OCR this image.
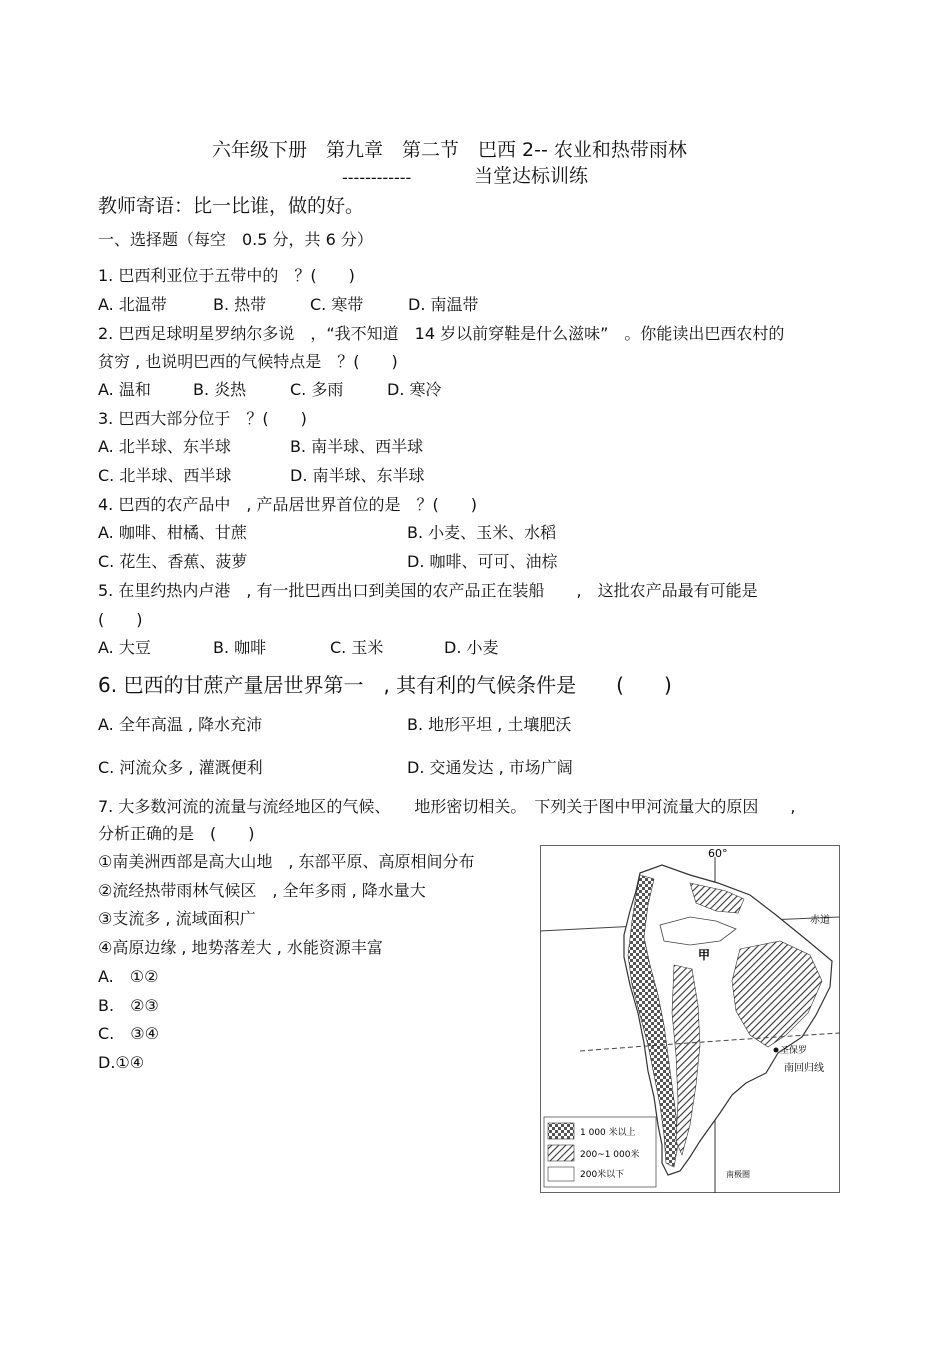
六年级下册　第九章　第二节　巴西 2-- 农业和热带雨林
------------	当堂达标训练
教师寄语：比一比谁，做的好。
一、选择题（每空　0.5 分，共 6 分）
1. 巴西利亚位于五带中的　？(　　)
A. 北温带	B. 热带	C. 寒带	D. 南温带
2. 巴西足球明星罗纳尔多说　，“我不知道　14 岁以前穿鞋是什么滋味”　。你能读出巴西农村的
贫穷 , 也说明巴西的气候特点是　？(　　)
A. 温和	B. 炎热	C. 多雨	D. 寒冷
3. 巴西大部分位于　？(　　)
A. 北半球、东半球	B. 南半球、西半球
C. 北半球、西半球	D. 南半球、东半球
4. 巴西的农产品中　, 产品居世界首位的是　？(　　)
A. 咖啡、柑橘、甘蔗	B. 小麦、玉米、水稻
C. 花生、香蕉、菠萝	D. 咖啡、可可、油棕
5. 在里约热内卢港　, 有一批巴西出口到美国的农产品正在装船　　,　这批农产品最有可能是
(　　)
A. 大豆	B. 咖啡	C. 玉米	D. 小麦
6. 巴西的甘蔗产量居世界第一　, 其有利的气候条件是　　(　　)
A. 全年高温 , 降水充沛	B. 地形平坦 , 土壤肥沃
C. 河流众多 , 灌溉便利	D. 交通发达 , 市场广阔
7. 大多数河流的流量与流经地区的气候、　　地形密切相关。　下列关于图中甲河流量大的原因　　,
分析正确的是　(　　)
①南美洲西部是高大山地　, 东部平原、高原相间分布
②流经热带雨林气候区　, 全年多雨 , 降水量大
③支流多 , 流域面积广
④高原边缘 , 地势落差大 , 水能资源丰富
A.　①②
B.　②③
C.　③④
D.①④
60°
赤道
甲
圣保罗
南回归线
1 000 米以上
200~1 000米
200米以下	南极圈
